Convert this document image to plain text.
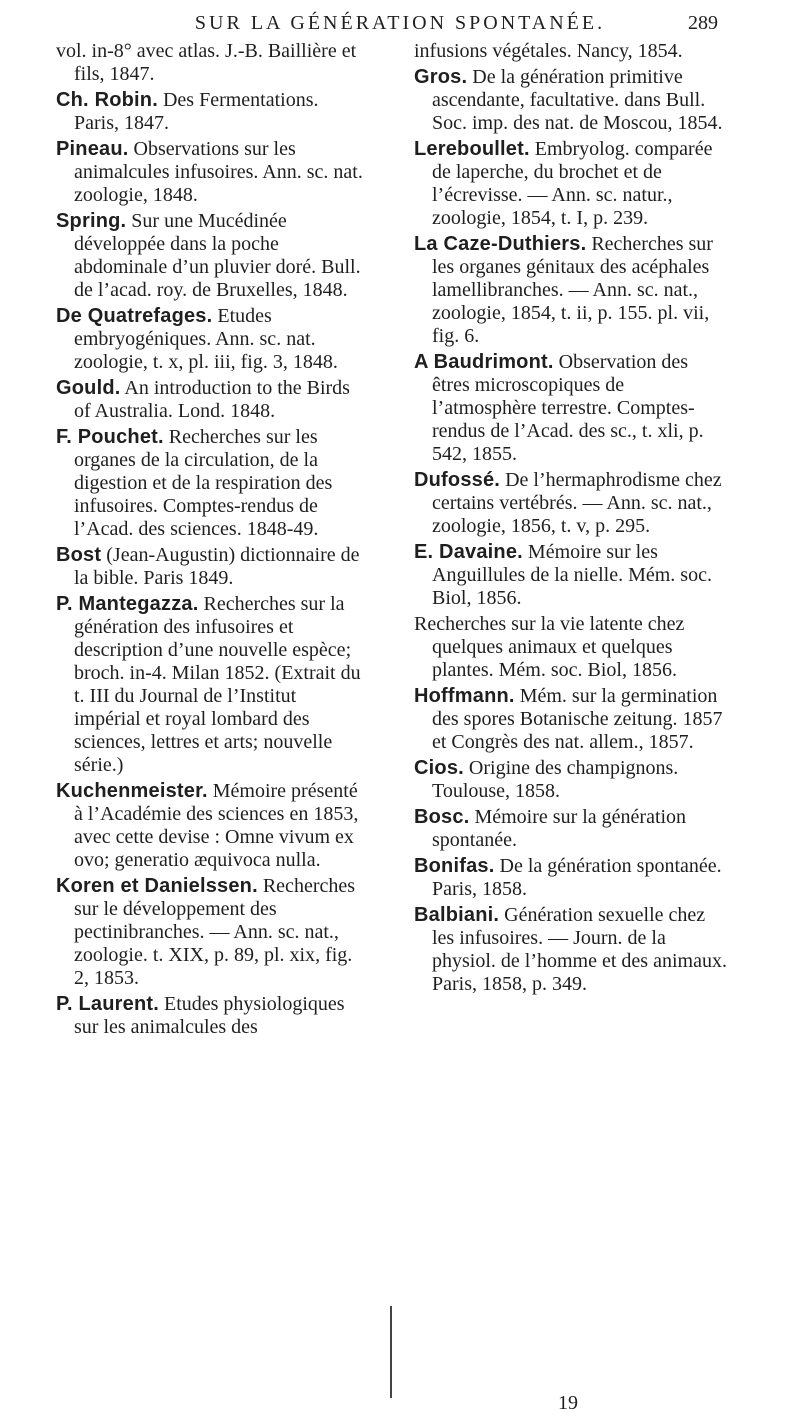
SUR LA GÉNÉRATION SPONTANÉE.	289

vol. in-8° avec atlas. J.-B. Baillière et fils, 1847.

Ch. Robin. Des Fermentations. Paris, 1847.

Pineau. Observations sur les animalcules infusoires. Ann. sc. nat. zoologie, 1848.

Spring. Sur une Mucédinée développée dans la poche abdominale d’un pluvier doré. Bull. de l’acad. roy. de Bruxelles, 1848.

De Quatrefages. Etudes embryogéniques. Ann. sc. nat. zoologie, t. x, pl. iii, fig. 3, 1848.

Gould. An introduction to the Birds of Australia. Lond. 1848.

F. Pouchet. Recherches sur les organes de la circulation, de la digestion et de la respiration des infusoires. Comptes-rendus de l’Acad. des sciences. 1848-49.

Bost (Jean-Augustin) dictionnaire de la bible. Paris 1849.

P. Mantegazza. Recherches sur la génération des infusoires et description d’une nouvelle espèce; broch. in-4. Milan 1852. (Extrait du t. III du Journal de l’Institut impérial et royal lombard des sciences, lettres et arts; nouvelle série.)

Kuchenmeister. Mémoire présenté à l’Académie des sciences en 1853, avec cette devise : Omne vivum ex ovo; generatio æquivoca nulla.

Koren et Danielssen. Recherches sur le développement des pectinibranches. — Ann. sc. nat., zoologie. t. XIX, p. 89, pl. xix, fig. 2, 1853.

P. Laurent. Etudes physiologiques sur les animalcules des

infusions végétales. Nancy, 1854.

Gros. De la génération primitive ascendante, facultative. dans Bull. Soc. imp. des nat. de Moscou, 1854.

Lereboullet. Embryolog. comparée de laperche, du brochet et de l’écrevisse. — Ann. sc. natur., zoologie, 1854, t. I, p. 239.

La Caze-Duthiers. Recherches sur les organes génitaux des acéphales lamellibranches. — Ann. sc. nat., zoologie, 1854, t. ii, p. 155. pl. vii, fig. 6.

A Baudrimont. Observation des êtres microscopiques de l’atmosphère terrestre. Comptes-rendus de l’Acad. des sc., t. xli, p. 542, 1855.

Dufossé. De l’hermaphrodisme chez certains vertébrés. — Ann. sc. nat., zoologie, 1856, t. v, p. 295.

E. Davaine. Mémoire sur les Anguillules de la nielle. Mém. soc. Biol, 1856.

Recherches sur la vie latente chez quelques animaux et quelques plantes. Mém. soc. Biol, 1856.

Hoffmann. Mém. sur la germination des spores Botanische zeitung. 1857 et Congrès des nat. allem., 1857.

Cios. Origine des champignons. Toulouse, 1858.

Bosc. Mémoire sur la génération spontanée.

Bonifas. De la génération spontanée. Paris, 1858.

Balbiani. Génération sexuelle chez les infusoires. — Journ. de la physiol. de l’homme et des animaux. Paris, 1858, p. 349.

19
